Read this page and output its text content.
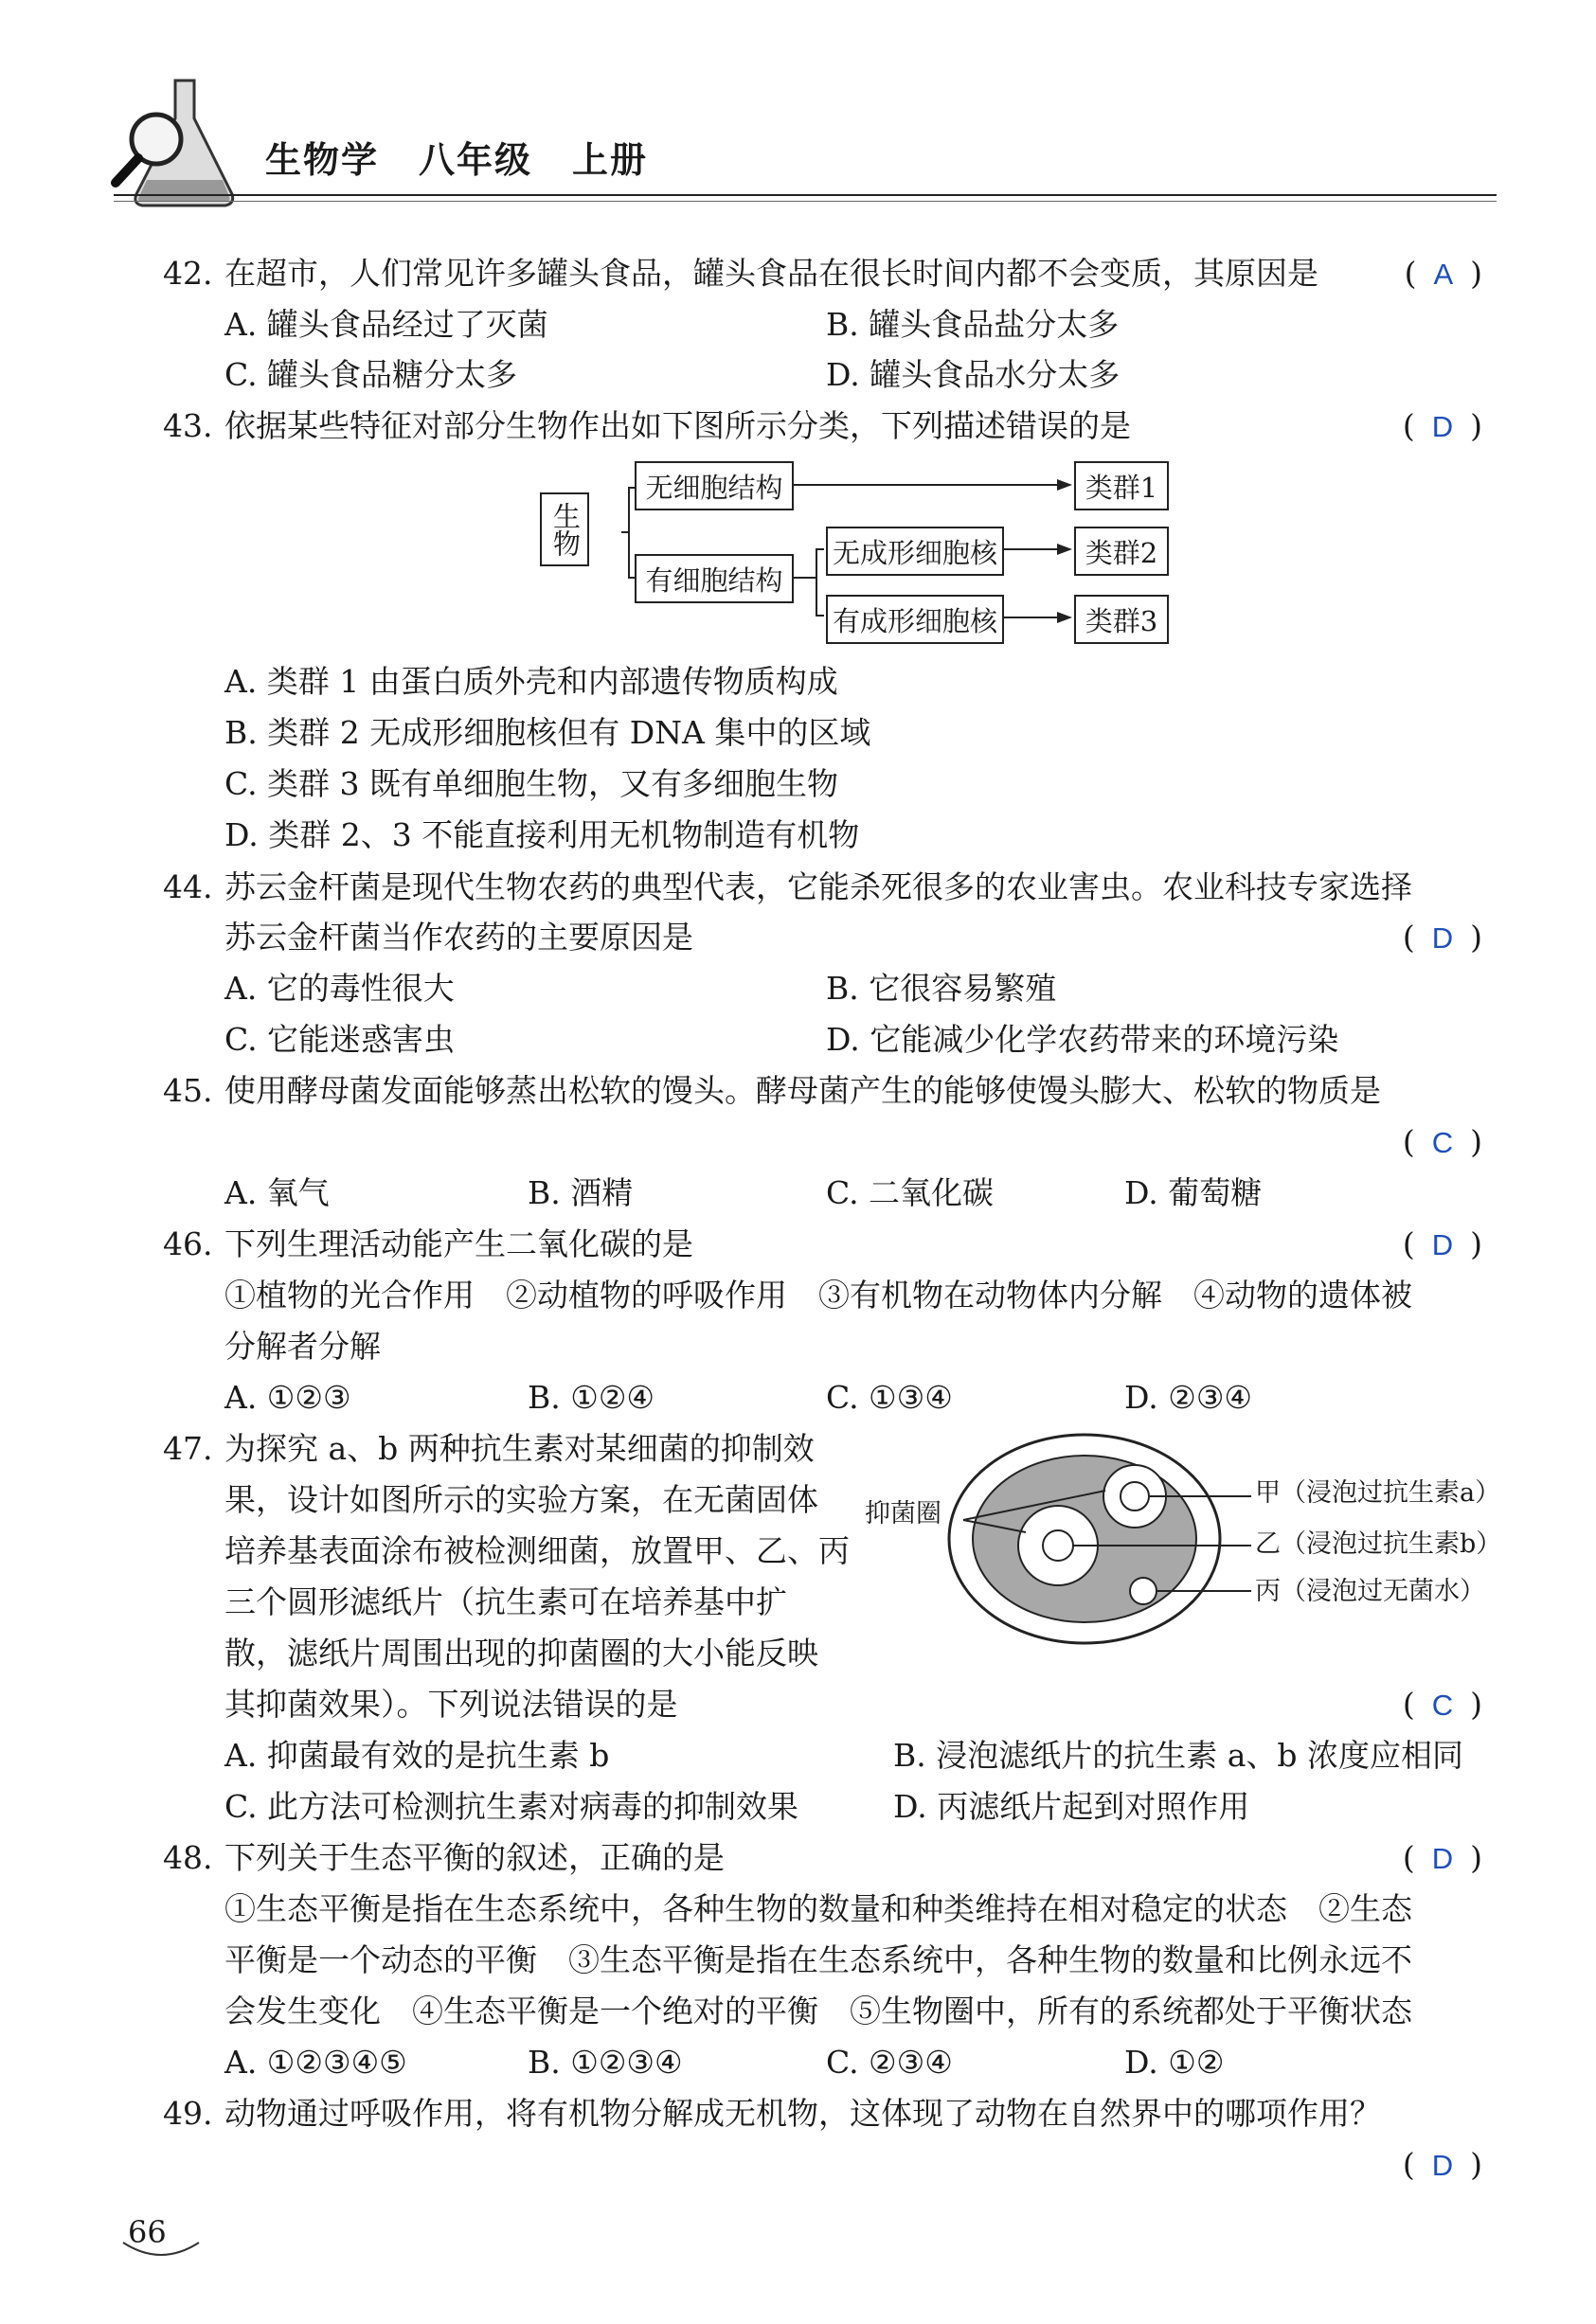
生物学 八年级 上册
42. 在超市，人们常见许多罐头食品，罐头食品在很长时间内都不会变质，其原因是	( A )
A. 罐头食品经过了灭菌	B. 罐头食品盐分太多
C. 罐头食品糖分太多	D. 罐头食品水分太多
43. 依据某些特征对部分生物作出如下图所示分类，下列描述错误的是	( D )
生物
无细胞结构
有细胞结构
无成形细胞核
有成形细胞核
类群1
类群2
类群3
A. 类群 1 由蛋白质外壳和内部遗传物质构成
B. 类群 2 无成形细胞核但有 DNA 集中的区域
C. 类群 3 既有单细胞生物，又有多细胞生物
D. 类群 2、3 不能直接利用无机物制造有机物
44. 苏云金杆菌是现代生物农药的典型代表，它能杀死很多的农业害虫。农业科技专家选择
苏云金杆菌当作农药的主要原因是	( D )
A. 它的毒性很大	B. 它很容易繁殖
C. 它能迷惑害虫	D. 它能减少化学农药带来的环境污染
45. 使用酵母菌发面能够蒸出松软的馒头。酵母菌产生的能够使馒头膨大、松软的物质是
( C )
A. 氧气	B. 酒精	C. 二氧化碳	D. 葡萄糖
46. 下列生理活动能产生二氧化碳的是	( D )
①植物的光合作用　②动植物的呼吸作用　③有机物在动物体内分解　④动物的遗体被
分解者分解
A. ①②③	B. ①②④	C. ①③④	D. ②③④
47. 为探究 a、b 两种抗生素对某细菌的抑制效
果，设计如图所示的实验方案，在无菌固体
培养基表面涂布被检测细菌，放置甲、乙、丙
三个圆形滤纸片（抗生素可在培养基中扩
散，滤纸片周围出现的抑菌圈的大小能反映
其抑菌效果）。下列说法错误的是	( C )
抑菌圈
甲（浸泡过抗生素a）
乙（浸泡过抗生素b）
丙（浸泡过无菌水）
A. 抑菌最有效的是抗生素 b	B. 浸泡滤纸片的抗生素 a、b 浓度应相同
C. 此方法可检测抗生素对病毒的抑制效果	D. 丙滤纸片起到对照作用
48. 下列关于生态平衡的叙述，正确的是	( D )
①生态平衡是指在生态系统中，各种生物的数量和种类维持在相对稳定的状态　②生态
平衡是一个动态的平衡　③生态平衡是指在生态系统中，各种生物的数量和比例永远不
会发生变化　④生态平衡是一个绝对的平衡　⑤生物圈中，所有的系统都处于平衡状态
A. ①②③④⑤	B. ①②③④	C. ②③④	D. ①②
49. 动物通过呼吸作用，将有机物分解成无机物，这体现了动物在自然界中的哪项作用？
( D )
66
